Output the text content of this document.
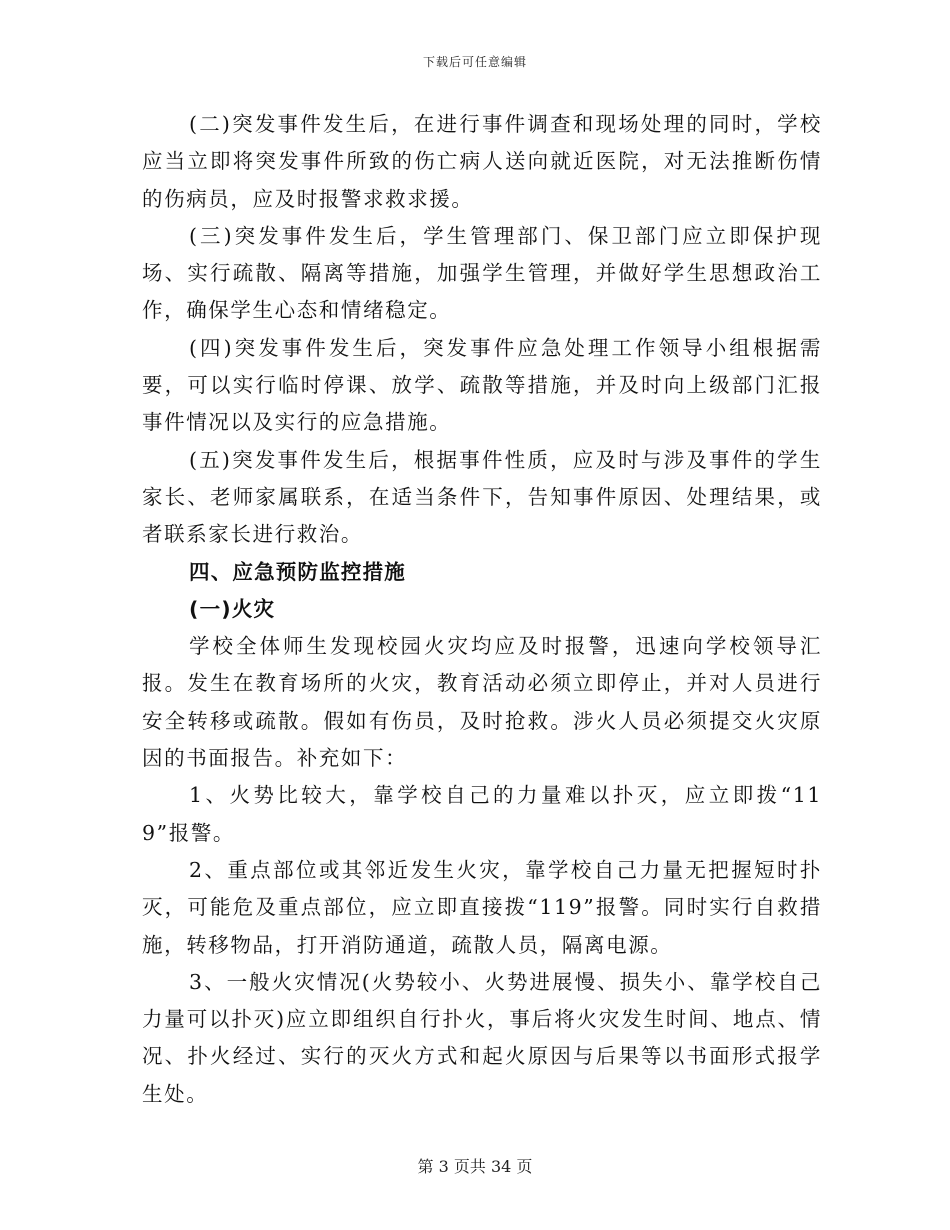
下载后可任意编辑

(二)突发事件发生后，在进行事件调查和现场处理的同时，学校应当立即将突发事件所致的伤亡病人送向就近医院，对无法推断伤情的伤病员，应及时报警求救求援。

(三)突发事件发生后，学生管理部门、保卫部门应立即保护现场、实行疏散、隔离等措施，加强学生管理，并做好学生思想政治工作，确保学生心态和情绪稳定。

(四)突发事件发生后，突发事件应急处理工作领导小组根据需要，可以实行临时停课、放学、疏散等措施，并及时向上级部门汇报事件情况以及实行的应急措施。

(五)突发事件发生后，根据事件性质，应及时与涉及事件的学生家长、老师家属联系，在适当条件下，告知事件原因、处理结果，或者联系家长进行救治。

四、应急预防监控措施

(一)火灾

学校全体师生发现校园火灾均应及时报警，迅速向学校领导汇报。发生在教育场所的火灾，教育活动必须立即停止，并对人员进行安全转移或疏散。假如有伤员，及时抢救。涉火人员必须提交火灾原因的书面报告。补充如下：

1、火势比较大，靠学校自己的力量难以扑灭，应立即拨“119”报警。

2、重点部位或其邻近发生火灾，靠学校自己力量无把握短时扑灭，可能危及重点部位，应立即直接拨“119”报警。同时实行自救措施，转移物品，打开消防通道，疏散人员，隔离电源。

3、一般火灾情况(火势较小、火势进展慢、损失小、靠学校自己力量可以扑灭)应立即组织自行扑火，事后将火灾发生时间、地点、情况、扑火经过、实行的灭火方式和起火原因与后果等以书面形式报学生处。

第 3 页共 34 页
